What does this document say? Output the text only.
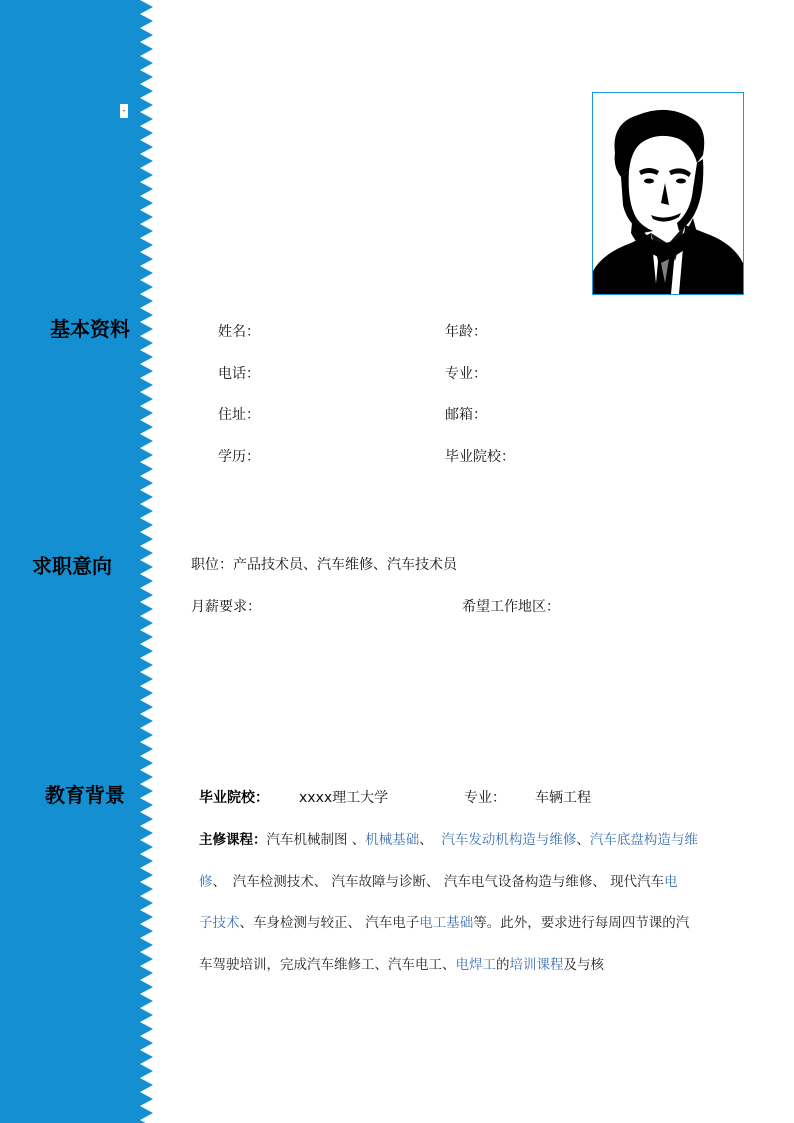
-
基本资料
求职意向
教育背景
姓名：	年龄：
电话：	专业：
住址：	邮箱：
学历：	毕业院校：
职位：产品技术员、汽车维修、汽车技术员
月薪要求：	希望工作地区：
毕业院校： xxxx理工大学	专业： 车辆工程
主修课程：汽车机械制图 、机械基础、 汽车发动机构造与维修、汽车底盘构造与维
修、　汽车检测技术、 汽车故障与诊断、 汽车电气设备构造与维修、 现代汽车电
子技术、车身检测与较正、 汽车电子电工基础等。此外，要求进行每周四节课的汽
车驾驶培训，完成汽车维修工、汽车电工、电焊工的培训课程及与核
